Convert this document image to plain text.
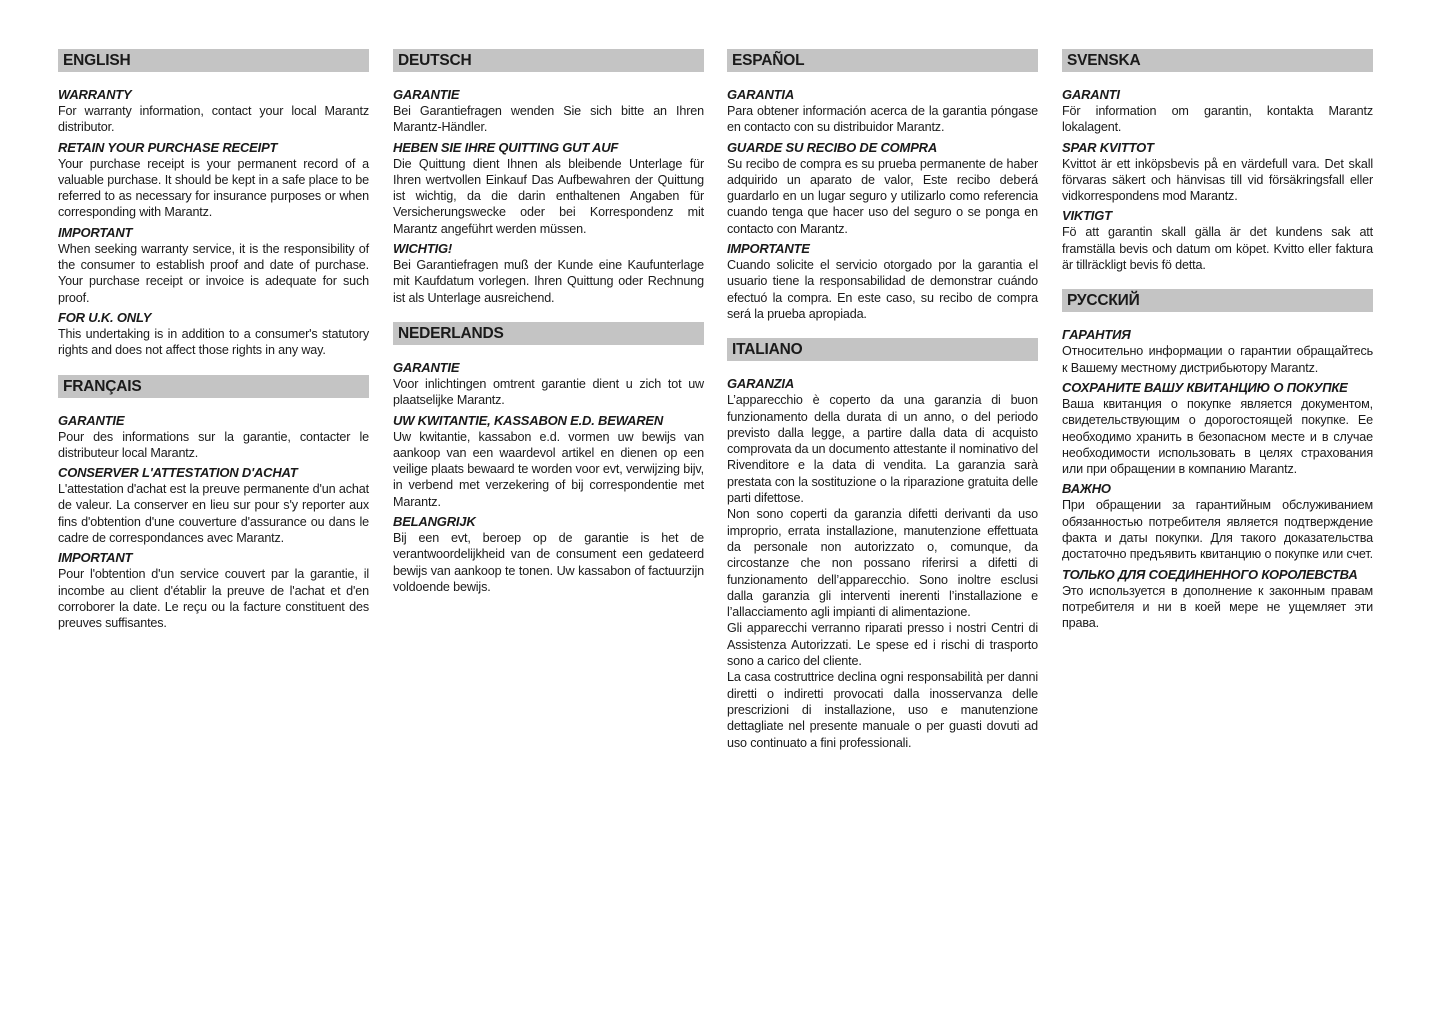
ENGLISH
WARRANTY

For warranty information, contact your local Marantz distributor.

RETAIN YOUR PURCHASE RECEIPT

Your purchase receipt is your permanent record of a valuable purchase. It should be kept in a safe place to be referred to as necessary for insurance purposes or when corresponding with Marantz.

IMPORTANT

When seeking warranty service, it is the responsibility of the consumer to establish proof and date of purchase. Your purchase receipt or invoice is adequate for such proof.

FOR U.K. ONLY

This undertaking is in addition to a consumer's statutory rights and does not affect those rights in any way.

FRANÇAIS
GARANTIE

Pour des informations sur la garantie, contacter le distributeur local Marantz.

CONSERVER L'ATTESTATION D'ACHAT

L'attestation d'achat est la preuve permanente d'un achat de valeur. La conserver en lieu sur pour s'y reporter aux fins d'obtention d'une couverture d'assurance ou dans le cadre de correspondances avec Marantz.

IMPORTANT

Pour l'obtention d'un service couvert par la garantie, il incombe au client d'établir la preuve de l'achat et d'en corroborer la date. Le reçu ou la facture constituent des preuves suffisantes.

DEUTSCH
GARANTIE

Bei Garantiefragen wenden Sie sich bitte an Ihren Marantz-Händler.

HEBEN SIE IHRE QUITTING GUT AUF

Die Quittung dient Ihnen als bleibende Unterlage für Ihren wertvollen Einkauf Das Aufbewahren der Quittung ist wichtig, da die darin enthaltenen Angaben für Versicherungswecke oder bei Korrespondenz mit Marantz angeführt werden müssen.

WICHTIG!

Bei Garantiefragen muß der Kunde eine Kaufunterlage mit Kaufdatum vorlegen. Ihren Quittung oder Rechnung ist als Unterlage ausreichend.

NEDERLANDS
GARANTIE

Voor inlichtingen omtrent garantie dient u zich tot uw plaatselijke Marantz.

UW KWITANTIE, KASSABON E.D. BEWAREN

Uw kwitantie, kassabon e.d. vormen uw bewijs van aankoop van een waardevol artikel en dienen op een veilige plaats bewaard te worden voor evt, verwijzing bijv, in verbend met verzekering of bij correspondentie met Marantz.

BELANGRIJK

Bij een evt, beroep op de garantie is het de verantwoordelijkheid van de consument een gedateerd bewijs van aankoop te tonen. Uw kassabon of factuurzijn voldoende bewijs.

ESPAÑOL
GARANTIA

Para obtener información acerca de la garantia póngase en contacto con su distribuidor Marantz.

GUARDE SU RECIBO DE COMPRA

Su recibo de compra es su prueba permanente de haber adquirido un aparato de valor, Este recibo deberá guardarlo en un lugar seguro y utilizarlo como referencia cuando tenga que hacer uso del seguro o se ponga en contacto con Marantz.

IMPORTANTE

Cuando solicite el servicio otorgado por la garantia el usuario tiene la responsabilidad de demonstrar cuándo efectuó la compra. En este caso, su recibo de compra será la prueba apropiada.

ITALIANO
GARANZIA

L’apparecchio è coperto da una garanzia di buon funzionamento della durata di un anno, o del periodo previsto dalla legge, a partire dalla data di acquisto comprovata da un documento attestante il nominativo del Rivenditore e la data di vendita. La garanzia sarà prestata con la sostituzione o la riparazione gratuita delle parti difettose.

Non sono coperti da garanzia difetti derivanti da uso improprio, errata installazione, manutenzione effettuata da personale non autorizzato o, comunque, da circostanze che non possano riferirsi a difetti di funzionamento dell’apparecchio. Sono inoltre esclusi dalla garanzia gli interventi inerenti l’installazione e l’allacciamento agli impianti di alimentazione.

Gli apparecchi verranno riparati presso i nostri Centri di Assistenza Autorizzati. Le spese ed i rischi di trasporto sono a carico del cliente.

La casa costruttrice declina ogni responsabilità per danni diretti o indiretti provocati dalla inosservanza delle prescrizioni di installazione, uso e manutenzione dettagliate nel presente manuale o per guasti dovuti ad uso continuato a fini professionali.

SVENSKA
GARANTI

För information om garantin, kontakta Marantz lokalagent.

SPAR KVITTOT

Kvittot är ett inköpsbevis på en värdefull vara. Det skall förvaras säkert och hänvisas till vid försäkringsfall eller vidkorrespondens mod Marantz.

VIKTIGT

Fö att garantin skall gälla är det kundens sak att framställa bevis och datum om köpet. Kvitto eller faktura är tillräckligt bevis fö detta.

РУССКИЙ
ГАРАНТИЯ

Относительно информации о гарантии обращайтесь к Вашему местному дистрибьютору Marantz.

СОХРАНИТЕ ВАШУ КВИТАНЦИЮ О ПОКУПКЕ

Ваша квитанция о покупке является документом, свидетельствующим о дорогостоящей покупке. Ее необходимо хранить в безопасном месте и в случае необходимости использовать в целях страхования или при обращении в компанию Marantz.

ВАЖНО

При обращении за гарантийным обслуживанием обязанностью потребителя является подтверждение факта и даты покупки. Для такого доказательства достаточно предъявить квитанцию о покупке или счет.

ТОЛЬКО ДЛЯ СОЕДИНЕННОГО КОРОЛЕВСТВА

Это используется в дополнение к законным правам потребителя и ни в коей мере не ущемляет эти права.
